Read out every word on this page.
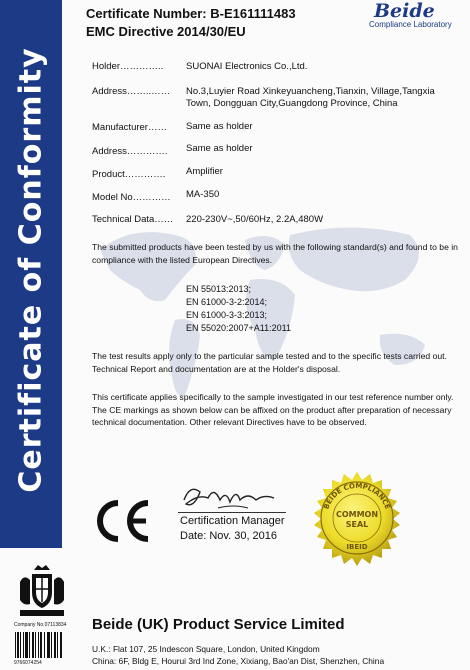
Certificate of Conformity
Certificate Number: B-E161111483
EMC Directive 2014/30/EU
Beide
Compliance Laboratory
Holder………….. SUONAI Electronics Co.,Ltd.
Address……..…… No.3,Luyier Road Xinkeyuancheng,Tianxin, Village,Tangxia Town, Dongguan City,Guangdong Province, China
Manufacturer…… Same as holder
Address…………. Same as holder
Product…………. Amplifier
Model No………… MA-350
Technical Data…… 220-230V~,50/60Hz, 2.2A,480W
The submitted products have been tested by us with the following standard(s) and found to be in compliance with the listed European Directives.
EN 55013:2013;
EN 61000-3-2:2014;
EN 61000-3-3:2013;
EN 55020:2007+A11:2011
The test results apply only to the particular sample tested and to the specific tests carried out. Technical Report and documentation are at the Holder's disposal.
This certificate applies specifically to the sample investigated in our test reference number only. The CE markings as shown below can be affixed on the product after preparation of necessary technical documentation. Other relevant Directives have to be observed.
Certification Manager
Date: Nov. 30, 2016
BEIDE COMPLIANCE
COMMON
SEAL
IBEID
Company No.07113834
9766074254
Beide (UK) Product Service Limited
U.K.: Flat 107, 25 Indescon Square, London, United Kingdom
China: 6F, Bldg E, Hourui 3rd Ind Zone, Xixiang, Bao'an Dist, Shenzhen, China
